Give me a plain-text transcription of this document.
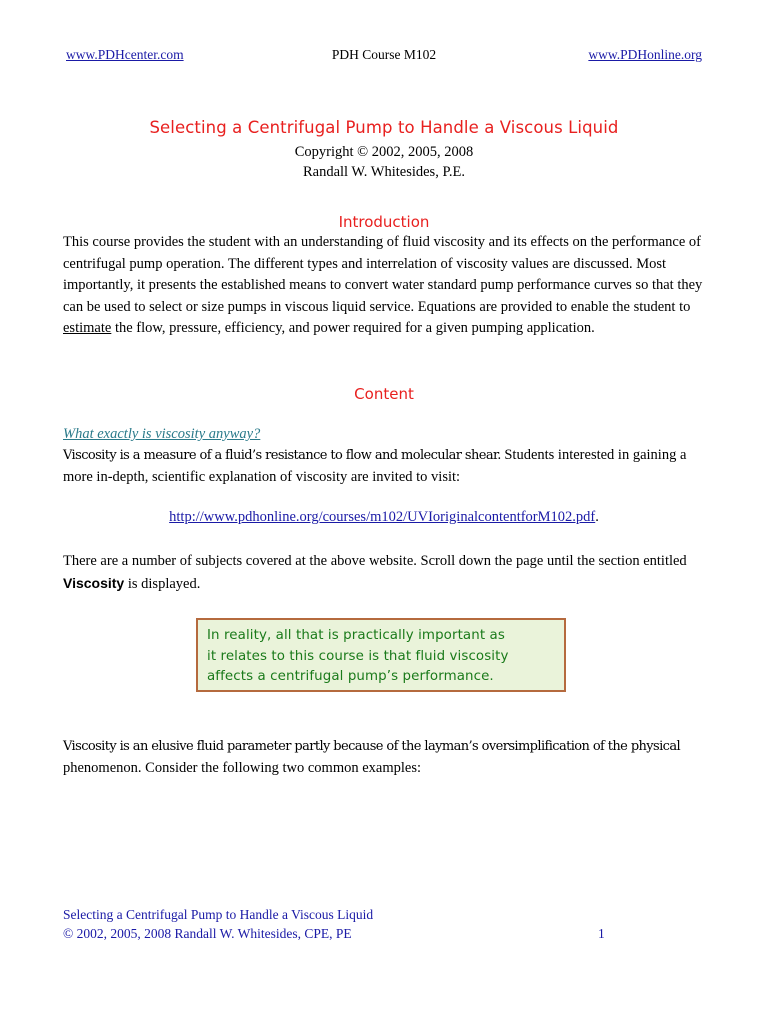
www.PDHcenter.com	PDH Course M102	www.PDHonline.org
Selecting a Centrifugal Pump to Handle a Viscous Liquid
Copyright © 2002, 2005, 2008
Randall W. Whitesides, P.E.
Introduction
This course provides the student with an understanding of fluid viscosity and its effects on the performance of centrifugal pump operation. The different types and interrelation of viscosity values are discussed. Most importantly, it presents the established means to convert water standard pump performance curves so that they can be used to select or size pumps in viscous liquid service. Equations are provided to enable the student to estimate the flow, pressure, efficiency, and power required for a given pumping application.
Content
What exactly is viscosity anyway?
Viscosity is a measure of a fluid’s resistance to flow and molecular shear. Students interested in gaining a more in-depth, scientific explanation of viscosity are invited to visit:
http://www.pdhonline.org/courses/m102/UVIoriginalcontentforM102.pdf.
There are a number of subjects covered at the above website. Scroll down the page until the section entitled Viscosity is displayed.
In reality, all that is practically important as
it relates to this course is that fluid viscosity
affects a centrifugal pump’s performance.
Viscosity is an elusive fluid parameter partly because of the layman’s oversimplification of the physical
phenomenon. Consider the following two common examples:
Selecting a Centrifugal Pump to Handle a Viscous Liquid
© 2002, 2005, 2008 Randall W. Whitesides, CPE, PE	1
